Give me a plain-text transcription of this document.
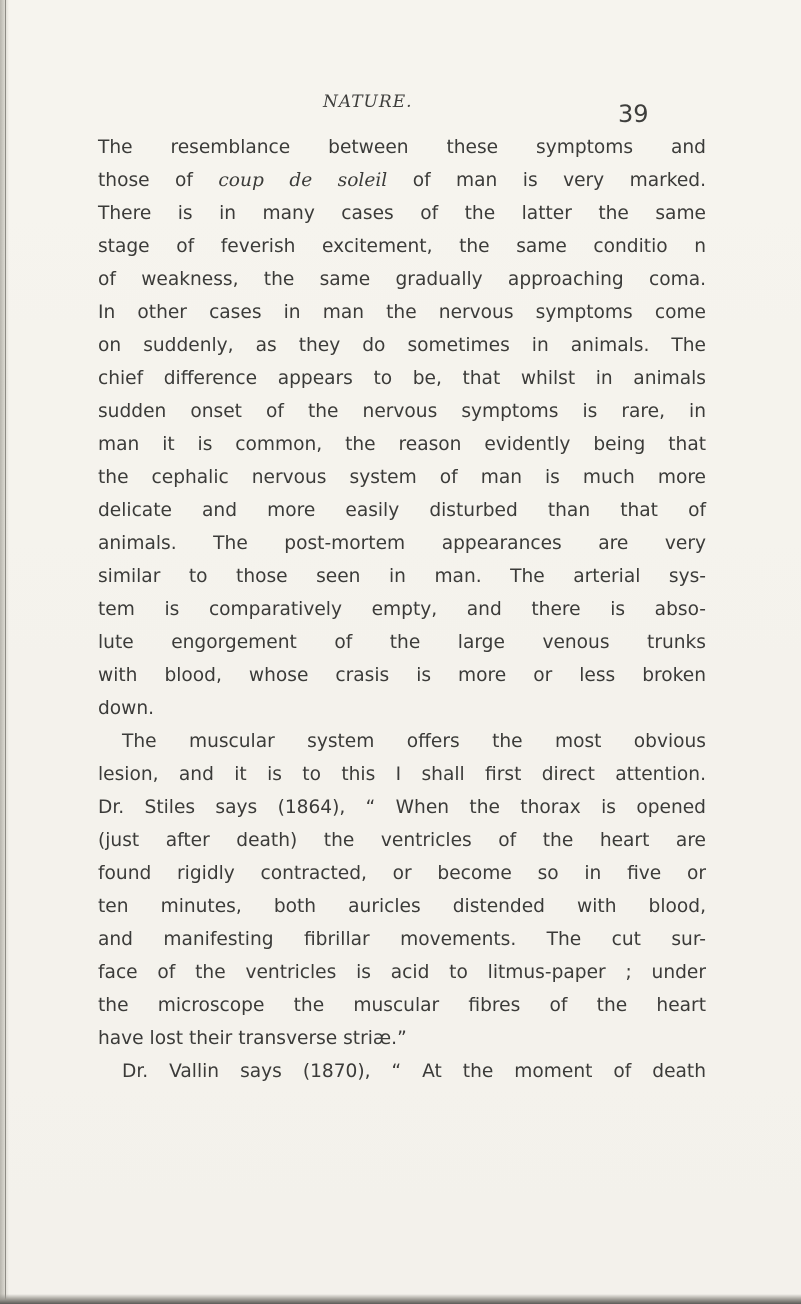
NATURE.	39
The resemblance between these symptoms and
those of coup de soleil of man is very marked.
There is in many cases of the latter the same
stage of feverish excitement, the same conditio n
of weakness, the same gradually approaching coma.
In other cases in man the nervous symptoms come
on suddenly, as they do sometimes in animals. The
chief difference appears to be, that whilst in animals
sudden onset of the nervous symptoms is rare, in
man it is common, the reason evidently being that
the cephalic nervous system of man is much more
delicate and more easily disturbed than that of
animals. The post-mortem appearances are very
similar to those seen in man. The arterial sys-
tem is comparatively empty, and there is abso-
lute engorgement of the large venous trunks
with blood, whose crasis is more or less broken
down.
The muscular system offers the most obvious
lesion, and it is to this I shall first direct attention.
Dr. Stiles says (1864), “ When the thorax is opened
(just after death) the ventricles of the heart are
found rigidly contracted, or become so in five or
ten minutes, both auricles distended with blood,
and manifesting fibrillar movements. The cut sur-
face of the ventricles is acid to litmus-paper ; under
the microscope the muscular fibres of the heart
have lost their transverse striæ.”
Dr. Vallin says (1870), “ At the moment of death
